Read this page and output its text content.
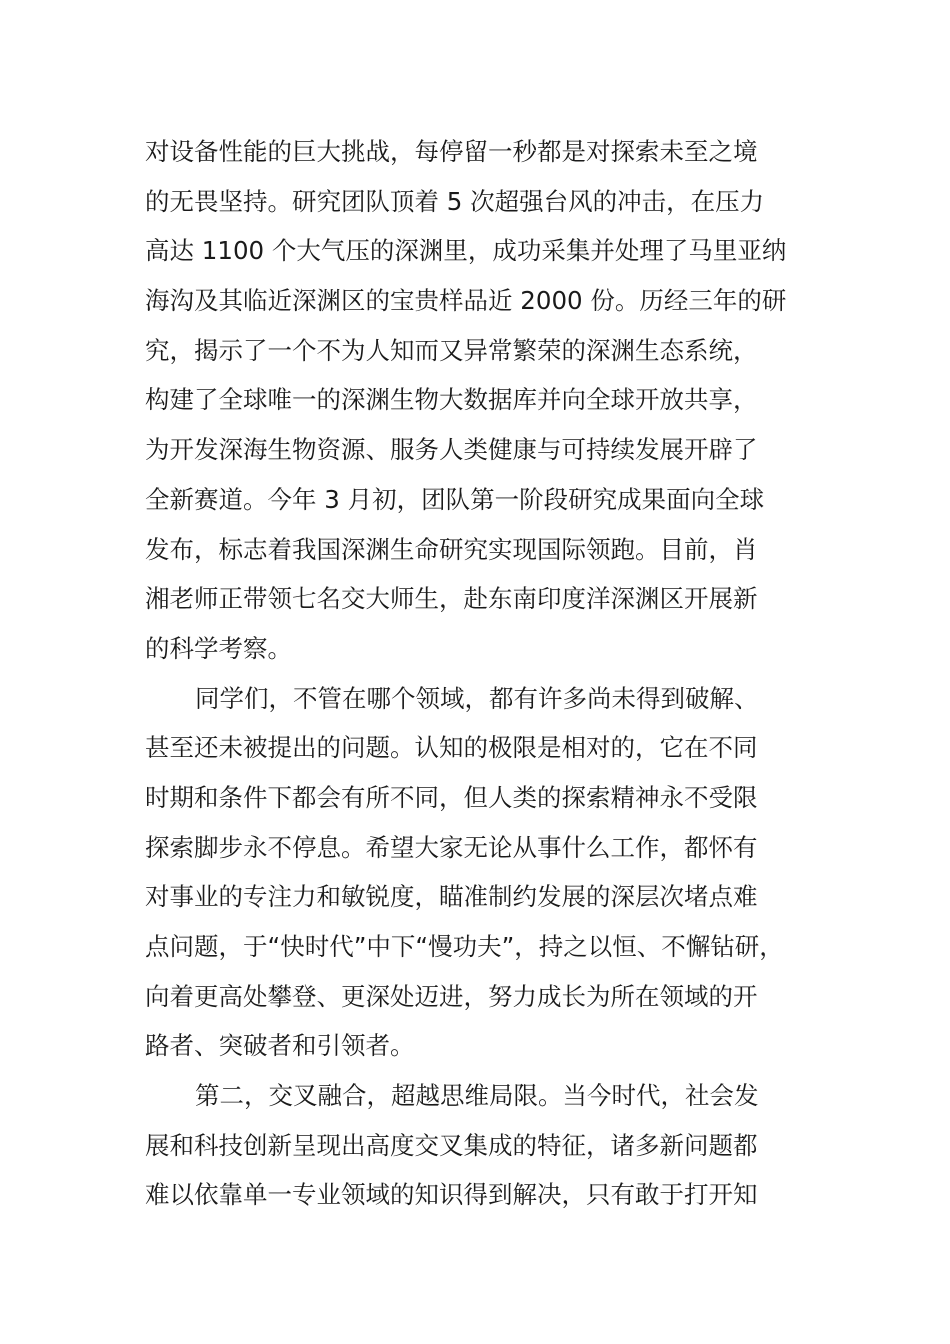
对设备性能的巨大挑战，每停留一秒都是对探索未至之境
的无畏坚持。研究团队顶着 5 次超强台风的冲击，在压力
高达 1100 个大气压的深渊里，成功采集并处理了马里亚纳
海沟及其临近深渊区的宝贵样品近 2000 份。历经三年的研
究，揭示了一个不为人知而又异常繁荣的深渊生态系统，
构建了全球唯一的深渊生物大数据库并向全球开放共享，
为开发深海生物资源、服务人类健康与可持续发展开辟了
全新赛道。今年 3 月初，团队第一阶段研究成果面向全球
发布，标志着我国深渊生命研究实现国际领跑。目前，肖
湘老师正带领七名交大师生，赴东南印度洋深渊区开展新
的科学考察。
同学们，不管在哪个领域，都有许多尚未得到破解、
甚至还未被提出的问题。认知的极限是相对的，它在不同
时期和条件下都会有所不同，但人类的探索精神永不受限
探索脚步永不停息。希望大家无论从事什么工作，都怀有
对事业的专注力和敏锐度，瞄准制约发展的深层次堵点难
点问题，于“快时代”中下“慢功夫”，持之以恒、不懈钻研，
向着更高处攀登、更深处迈进，努力成长为所在领域的开
路者、突破者和引领者。
第二，交叉融合，超越思维局限。当今时代，社会发
展和科技创新呈现出高度交叉集成的特征，诸多新问题都
难以依靠单一专业领域的知识得到解决，只有敢于打开知
